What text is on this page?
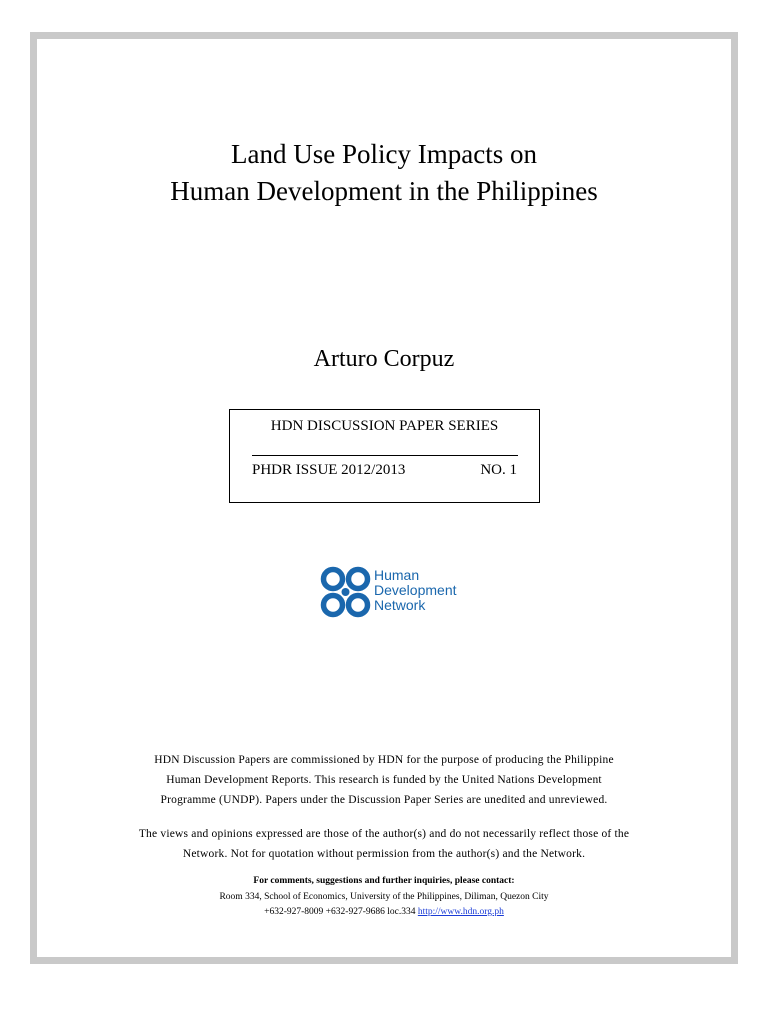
Land Use Policy Impacts on
Human Development in the Philippines
Arturo Corpuz
HDN DISCUSSION PAPER SERIES
PHDR ISSUE 2012/2013	NO. 1
Human
Development
Network
HDN Discussion Papers are commissioned by HDN for the purpose of producing the Philippine
Human Development Reports. This research is funded by the United Nations Development
Programme (UNDP). Papers under the Discussion Paper Series are unedited and unreviewed.
The views and opinions expressed are those of the author(s) and do not necessarily reflect those of the
Network. Not for quotation without permission from the author(s) and the Network.
For comments, suggestions and further inquiries, please contact:
Room 334, School of Economics, University of the Philippines, Diliman, Quezon City
+632-927-8009 +632-927-9686 loc.334 http://www.hdn.org.ph
